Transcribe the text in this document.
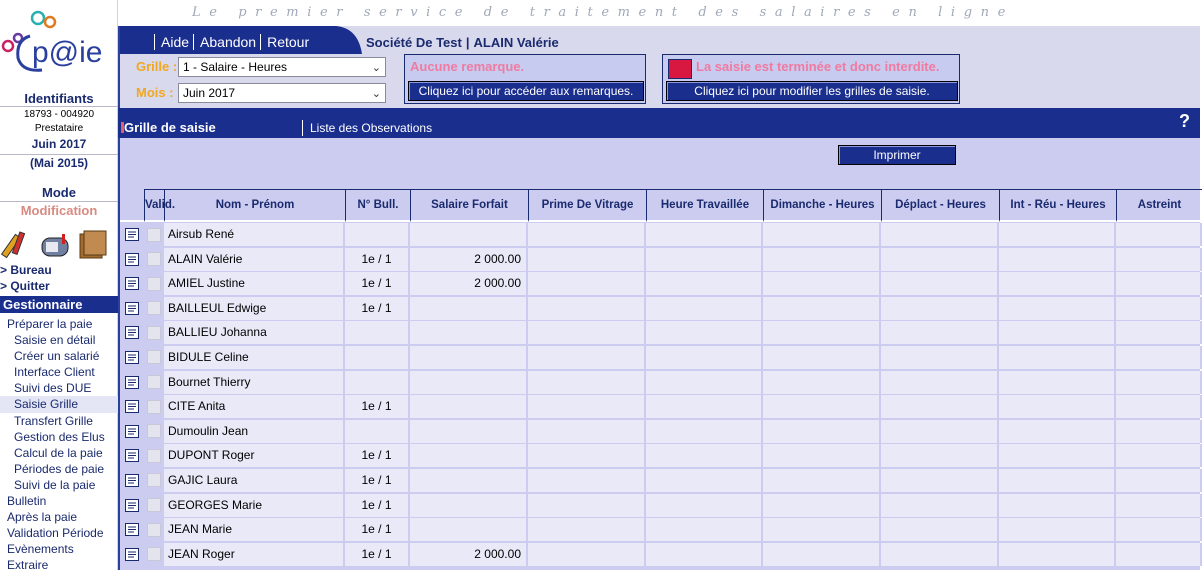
p@ie
Identifiants
18793 - 004920
Prestataire
Juin 2017
(Mai 2015)
Mode
Modification
> Bureau
> Quitter
Gestionnaire
Préparer la paie
Saisie en détail
Créer un salarié
Interface Client
Suivi des DUE
Saisie Grille
Transfert Grille
Gestion des Elus
Calcul de la paie
Périodes de paie
Suivi de la paie
Bulletin
Après la paie
Validation Période
Evènements
Extraire
Le premier service de traitement des salaires en ligne
Aide Abandon Retour	Société De Test | ALAIN Valérie
Grille : 1 - Salaire - Heures	⌄
Mois : Juin 2017	⌄
Aucune remarque.
Cliquez ici pour accéder aux remarques.
La saisie est terminée et donc interdite.
Cliquez ici pour modifier les grilles de saisie.
Grille de saisie	Liste des Observations	?
Imprimer
Valid.	Nom - Prénom	N° Bull.	Salaire Forfait	Prime De Vitrage	Heure Travaillée	Dimanche - Heures	Déplact - Heures	Int - Réu - Heures	Astreint
Airsub René
ALAIN Valérie	1e / 1	2 000.00
AMIEL Justine	1e / 1	2 000.00
BAILLEUL Edwige	1e / 1
BALLIEU Johanna
BIDULE Celine
Bournet Thierry
CITE Anita	1e / 1
Dumoulin Jean
DUPONT Roger	1e / 1
GAJIC Laura	1e / 1
GEORGES Marie	1e / 1
JEAN Marie	1e / 1
JEAN Roger	1e / 1	2 000.00
